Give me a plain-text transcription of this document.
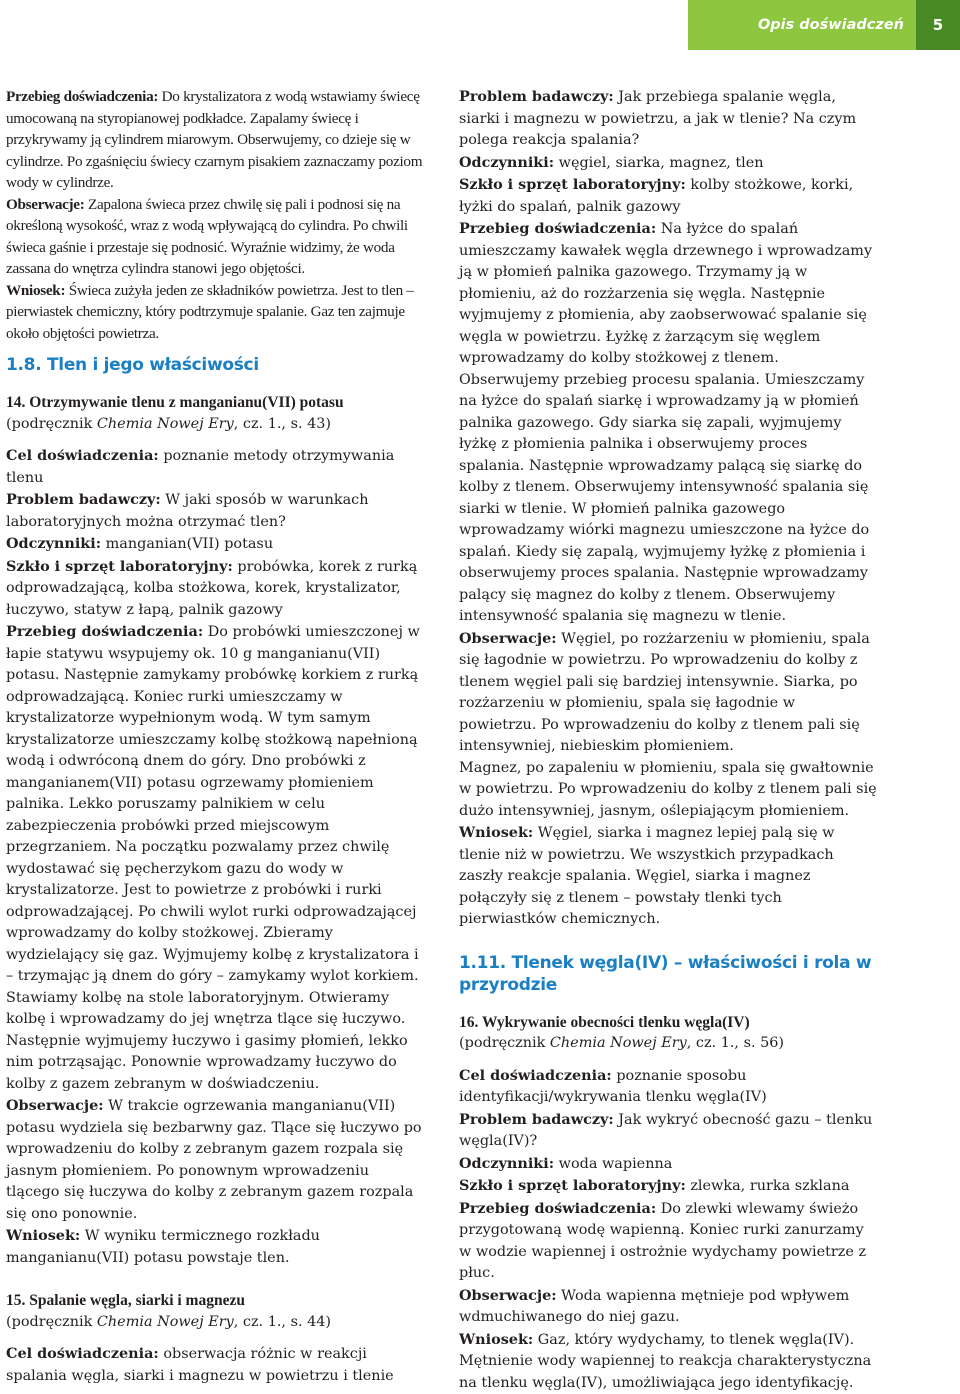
Opis doświadczeń	5

Przebieg doświadczenia: Do krystalizatora z wodą wstawiamy świecę umocowaną na styropianowej podkładce. Zapalamy świecę i przykrywamy ją cylindrem miarowym. Obserwujemy, co dzieje się w cylindrze. Po zgaśnięciu świecy czarnym pisakiem zaznaczamy poziom wody w cylindrze.

Obserwacje: Zapalona świeca przez chwilę się pali i podnosi się na określoną wysokość, wraz z wodą wpływającą do cylindra. Po chwili świeca gaśnie i przestaje się podnosić. Wyraźnie widzimy, że woda zassana do wnętrza cylindra stanowi jego objętości.

Wniosek: Świeca zużyła jeden ze składników powietrza. Jest to tlen – pierwiastek chemiczny, który podtrzymuje spalanie. Gaz ten zajmuje około objętości powietrza.

1.8. Tlen i jego właściwości

14. Otrzymywanie tlenu z manganianu(VII) potasu

(podręcznik Chemia Nowej Ery, cz. 1., s. 43)

Cel doświadczenia: poznanie metody otrzymywania tlenu

Problem badawczy: W jaki sposób w warunkach laboratoryjnych można otrzymać tlen?

Odczynniki: manganian(VII) potasu

Szkło i sprzęt laboratoryjny: probówka, korek z rurką odprowadzającą, kolba stożkowa, korek, krystalizator, łuczywo, statyw z łapą, palnik gazowy

Przebieg doświadczenia: Do probówki umieszczonej w łapie statywu wsypujemy ok. 10 g manganianu(VII) potasu. Następnie zamykamy probówkę korkiem z rurką odprowadzającą. Koniec rurki umieszczamy w krystalizatorze wypełnionym wodą. W tym samym krystalizatorze umieszczamy kolbę stożkową napełnioną wodą i odwróconą dnem do góry. Dno probówki z manganianem(VII) potasu ogrzewamy płomieniem palnika. Lekko poruszamy palnikiem w celu zabezpieczenia probówki przed miejscowym przegrzaniem. Na początku pozwalamy przez chwilę wydostawać się pęcherzykom gazu do wody w krystalizatorze. Jest to powietrze z probówki i rurki odprowadzającej. Po chwili wylot rurki odprowadzającej wprowadzamy do kolby stożkowej. Zbieramy wydzielający się gaz. Wyjmujemy kolbę z krystalizatora i – trzymając ją dnem do góry – zamykamy wylot korkiem. Stawiamy kolbę na stole laboratoryjnym. Otwieramy kolbę i wprowadzamy do jej wnętrza tlące się łuczywo. Następnie wyjmujemy łuczywo i gasimy płomień, lekko nim potrząsając. Ponownie wprowadzamy łuczywo do kolby z gazem zebranym w doświadczeniu.

Obserwacje: W trakcie ogrzewania manganianu(VII) potasu wydziela się bezbarwny gaz. Tlące się łuczywo po wprowadzeniu do kolby z zebranym gazem rozpala się jasnym płomieniem. Po ponownym wprowadzeniu tlącego się łuczywa do kolby z zebranym gazem rozpala się ono ponownie.

Wniosek: W wyniku termicznego rozkładu manganianu(VII) potasu powstaje tlen.

15. Spalanie węgla, siarki i magnezu

(podręcznik Chemia Nowej Ery, cz. 1., s. 44)

Cel doświadczenia: obserwacja różnic w reakcji spalania węgla, siarki i magnezu w powietrzu i tlenie

Problem badawczy: Jak przebiega spalanie węgla, siarki i magnezu w powietrzu, a jak w tlenie? Na czym polega reakcja spalania?

Odczynniki: węgiel, siarka, magnez, tlen

Szkło i sprzęt laboratoryjny: kolby stożkowe, korki, łyżki do spalań, palnik gazowy

Przebieg doświadczenia: Na łyżce do spalań umieszczamy kawałek węgla drzewnego i wprowadzamy ją w płomień palnika gazowego. Trzymamy ją w płomieniu, aż do rozżarzenia się węgla. Następnie wyjmujemy z płomienia, aby zaobserwować spalanie się węgla w powietrzu. Łyżkę z żarzącym się węglem wprowadzamy do kolby stożkowej z tlenem. Obserwujemy przebieg procesu spalania. Umieszczamy na łyżce do spalań siarkę i wprowadzamy ją w płomień palnika gazowego. Gdy siarka się zapali, wyjmujemy łyżkę z płomienia palnika i obserwujemy proces spalania. Następnie wprowadzamy palącą się siarkę do kolby z tlenem. Obserwujemy intensywność spalania się siarki w tlenie. W płomień palnika gazowego wprowadzamy wiórki magnezu umieszczone na łyżce do spalań. Kiedy się zapalą, wyjmujemy łyżkę z płomienia i obserwujemy proces spalania. Następnie wprowadzamy palący się magnez do kolby z tlenem. Obserwujemy intensywność spalania się magnezu w tlenie.

Obserwacje: Węgiel, po rozżarzeniu w płomieniu, spala się łagodnie w powietrzu. Po wprowadzeniu do kolby z tlenem węgiel pali się bardziej intensywnie. Siarka, po rozżarzeniu w płomieniu, spala się łagodnie w powietrzu. Po wprowadzeniu do kolby z tlenem pali się intensywniej, niebieskim płomieniem.

Magnez, po zapaleniu w płomieniu, spala się gwałtownie w powietrzu. Po wprowadzeniu do kolby z tlenem pali się dużo intensywniej, jasnym, oślepiającym płomieniem.

Wniosek: Węgiel, siarka i magnez lepiej palą się w tlenie niż w powietrzu. We wszystkich przypadkach zaszły reakcje spalania. Węgiel, siarka i magnez połączyły się z tlenem – powstały tlenki tych pierwiastków chemicznych.

1.11. Tlenek węgla(IV) – właściwości i rola w przyrodzie

16. Wykrywanie obecności tlenku węgla(IV)

(podręcznik Chemia Nowej Ery, cz. 1., s. 56)

Cel doświadczenia: poznanie sposobu identyfikacji/wykrywania tlenku węgla(IV)

Problem badawczy: Jak wykryć obecność gazu – tlenku węgla(IV)?

Odczynniki: woda wapienna

Szkło i sprzęt laboratoryjny: zlewka, rurka szklana

Przebieg doświadczenia: Do zlewki wlewamy świeżo przygotowaną wodę wapienną. Koniec rurki zanurzamy w wodzie wapiennej i ostrożnie wydychamy powietrze z płuc.

Obserwacje: Woda wapienna mętnieje pod wpływem wdmuchiwanego do niej gazu.

Wniosek: Gaz, który wydychamy, to tlenek węgla(IV). Mętnienie wody wapiennej to reakcja charakterystyczna na tlenku węgla(IV), umożliwiająca jego identyfikację.
